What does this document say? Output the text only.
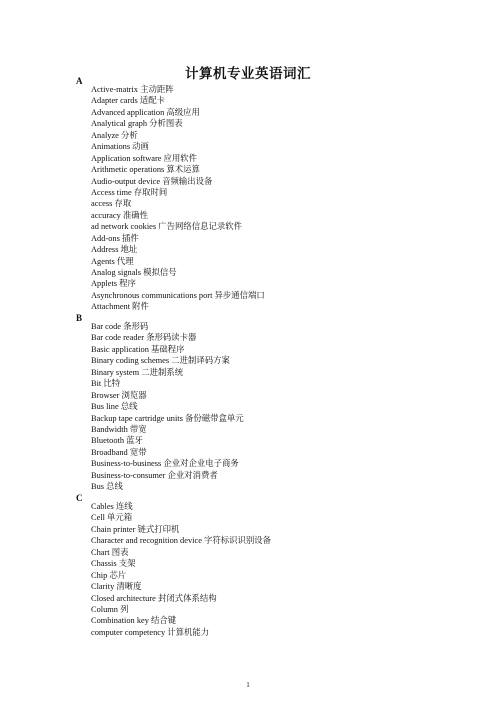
计算机专业英语词汇
A
Active-matrix 主动距阵
Adapter cards 适配卡
Advanced application 高级应用
Analytical graph 分析图表
Analyze 分析
Animations 动画
Application software 应用软件
Arithmetic operations 算术运算
Audio-output device 音频输出设备
Access time 存取时间
access 存取
accuracy 准确性
ad network cookies 广告网络信息记录软件
Add-ons 插件
Address 地址
Agents 代理
Analog signals 模拟信号
Applets 程序
Asynchronous communications port 异步通信端口
Attachment 附件
B
Bar code 条形码
Bar code reader 条形码读卡器
Basic application 基础程序
Binary coding schemes 二进制译码方案
Binary system 二进制系统
Bit 比特
Browser 浏览器
Bus line 总线
Backup tape cartridge units 备份磁带盒单元
Bandwidth 带宽
Bluetooth 蓝牙
Broadband 宽带
Business-to-business 企业对企业电子商务
Business-to-consumer 企业对消费者
Bus 总线
C
Cables 连线
Cell 单元箱
Chain printer 链式打印机
Character and recognition device 字符标识识别设备
Chart 图表
Chassis 支架
Chip 芯片
Clarity 清晰度
Closed architecture 封闭式体系结构
Column 列
Combination key 结合键
computer competency 计算机能力
1
